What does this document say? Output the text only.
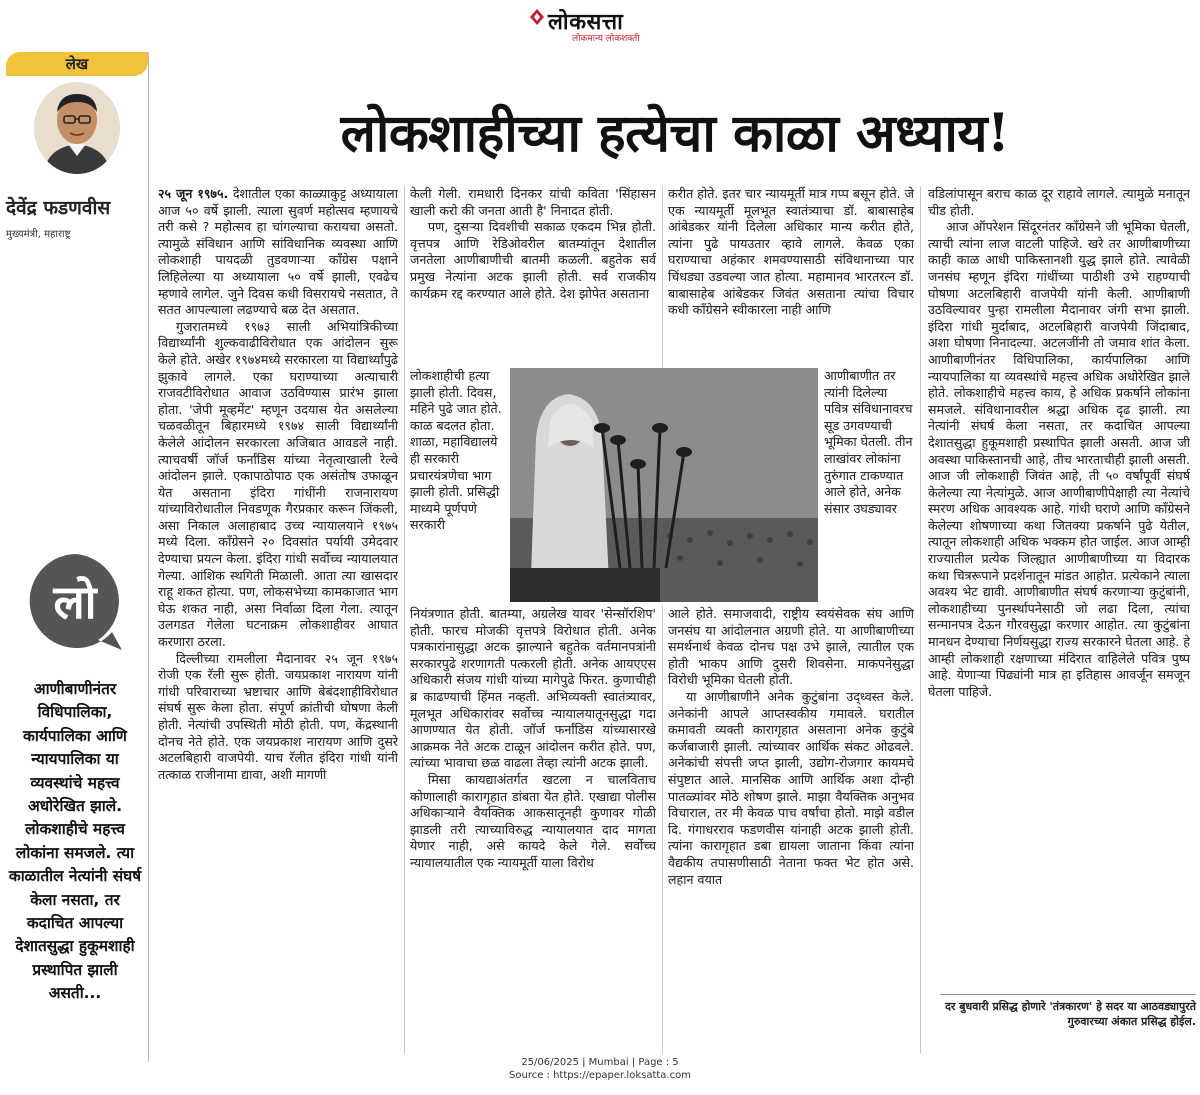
लोकसत्ता
लोकमान्य लोकशक्ती
लेख
देवेंद्र फडणवीस
मुख्यमंत्री, महाराष्ट्र
लो
आणीबाणीनंतर विधिपालिका, कार्यपालिका आणि न्यायपालिका या व्यवस्थांचे महत्त्व अधोरेखित झाले. लोकशाहीचे महत्त्व लोकांना समजले. त्या काळातील नेत्यांनी संघर्ष केला नसता, तर कदाचित आपल्या देशातसुद्धा हुकूमशाही प्रस्थापित झाली असती...
लोकशाहीच्या हत्येचा काळा अध्याय!

२५ जून १९७५. देशातील एका काळ्याकुट्ट अध्यायाला आज ५० वर्षे झाली. त्याला सुवर्ण महोत्सव म्हणायचे तरी कसे ? महोत्सव हा चांगल्याचा करायचा असतो. त्यामुळे संविधान आणि सांविधानिक व्यवस्था आणि लोकशाही पायदळी तुडवणाऱ्या काँग्रेस पक्षाने लिहिलेल्या या अध्यायाला ५० वर्षे झाली, एवढेच म्हणावे लागेल. जुने दिवस कधी विसरायचे नसतात, ते सतत आपल्याला लढण्याचे बळ देत असतात.

गुजरातमध्ये १९७३ साली अभियांत्रिकीच्या विद्यार्थ्यांनी शुल्कवाढीविरोधात एक आंदोलन सुरू केले होते. अखेर १९७४मध्ये सरकारला या विद्यार्थ्यांपुढे झुकावे लागले. एका घराण्याच्या अत्याचारी राजवटीविरोधात आवाज उठविण्यास प्रारंभ झाला होता. 'जेपी मूव्हमेंट' म्हणून उदयास येत असलेल्या चळवळीतून बिहारमध्ये १९७४ साली विद्यार्थ्यांनी केलेले आंदोलन सरकारला अजिबात आवडले नाही. त्याचवर्षी जॉर्ज फर्नांडिस यांच्या नेतृत्वाखाली रेल्वे आंदोलन झाले. एकापाठोपाठ एक असंतोष उफाळून येत असताना इंदिरा गांधींनी राजनारायण यांच्याविरोधातील निवडणूक गैरप्रकार करून जिंकली, असा निकाल अलाहाबाद उच्च न्यायालयाने १९७५ मध्ये दिला. काँग्रेसने २० दिवसांत पर्यायी उमेदवार देण्याचा प्रयत्न केला. इंदिरा गांधी सर्वोच्च न्यायालयात गेल्या. आंशिक स्थगिती मिळाली. आता त्या खासदार राहू शकत होत्या. पण, लोकसभेच्या कामकाजात भाग घेऊ शकत नाही, असा निर्वाळा दिला गेला. त्यातून उलगडत गेलेला घटनाक्रम लोकशाहीवर आघात करणारा ठरला.

दिल्लीच्या रामलीला मैदानावर २५ जून १९७५ रोजी एक रॅली सुरू होती. जयप्रकाश नारायण यांनी गांधी परिवाराच्या भ्रष्टाचार आणि बेबंदशाहीविरोधात संघर्ष सुरू केला होता. संपूर्ण क्रांतीची घोषणा केली होती. नेत्यांची उपस्थिती मोठी होती. पण, केंद्रस्थानी दोनच नेते होते. एक जयप्रकाश नारायण आणि दुसरे अटलबिहारी वाजपेयी. याच रॅलीत इंदिरा गांधी यांनी तत्काळ राजीनामा द्यावा, अशी मागणी

केली गेली. रामधारी दिनकर यांची कविता 'सिंहासन खाली करो की जनता आती है' निनादत होती.

पण, दुसऱ्या दिवशीची सकाळ एकदम भिन्न होती. वृत्तपत्र आणि रेडिओवरील बातम्यांतून देशातील जनतेला आणीबाणीची बातमी कळली. बहुतेक सर्व प्रमुख नेत्यांना अटक झाली होती. सर्व राजकीय कार्यक्रम रद्द करण्यात आले होते. देश झोपेत असताना

लोकशाहीची हत्या झाली होती. दिवस, महिने पुढे जात होते. काळ बदलत होता. शाळा, महाविद्यालये ही सरकारी प्रचारयंत्रणेचा भाग झाली होती. प्रसिद्धी माध्यमे पूर्णपणे सरकारी

नियंत्रणात होती. बातम्या, अग्रलेख यावर 'सेन्सॉरशिप' होती. फारच मोजकी वृत्तपत्रे विरोधात होती. अनेक पत्रकारांनासुद्धा अटक झाल्याने बहुतेक वर्तमानपत्रांनी सरकारपुढे शरणागती पत्करली होती. अनेक आयएएस अधिकारी संजय गांधी यांच्या मागेपुढे फिरत. कुणाचीही ब्र काढण्याची हिंमत नव्हती. अभिव्यक्ती स्वातंत्र्यावर, मूलभूत अधिकारांवर सर्वोच्च न्यायालयातूनसुद्धा गदा आणण्यात येत होती. जॉर्ज फर्नांडिस यांच्यासारखे आक्रमक नेते अटक टाळून आंदोलन करीत होते. पण, त्यांच्या भावाचा छळ वाढला तेव्हा त्यांनी अटक झाली.

मिसा कायद्याअंतर्गत खटला न चालविताच कोणालाही कारागृहात डांबता येत होते. एखाद्या पोलीस अधिकाऱ्याने वैयक्तिक आकसातूनही कुणावर गोळी झाडली तरी त्याच्याविरुद्ध न्यायालयात दाद मागता येणार नाही, असे कायदे केले गेले. सर्वोच्च न्यायालयातील एक न्यायमूर्ती याला विरोध

करीत होते. इतर चार न्यायमूर्ती मात्र गप्प बसून होते. जे एक न्यायमूर्ती मूलभूत स्वातंत्र्याचा डॉ. बाबासाहेब आंबेडकर यांनी दिलेला अधिकार मान्य करीत होते, त्यांना पुढे पायउतार व्हावे लागले. केवळ एका घराण्याचा अहंकार शमवण्यासाठी संविधानाच्या पार चिंधड्या उडवल्या जात होत्या. महामानव भारतरत्न डॉ. बाबासाहेब आंबेडकर जिवंत असताना त्यांचा विचार कधी काँग्रेसने स्वीकारला नाही आणि

आणीबाणीत तर त्यांनी दिलेल्या पवित्र संविधानावरच सूड उगवण्याची भूमिका घेतली. तीन लाखांवर लोकांना तुरुंगात टाकण्यात आले होते, अनेक संसार उघड्यावर

आले होते. समाजवादी, राष्ट्रीय स्वयंसेवक संघ आणि जनसंघ या आंदोलनात अग्रणी होते. या आणीबाणीच्या समर्थनार्थ केवळ दोनच पक्ष उभे झाले, त्यातील एक होती भाकप आणि दुसरी शिवसेना. माकपनेसुद्धा विरोधी भूमिका घेतली होती.

या आणीबाणीने अनेक कुटुंबांना उद्ध्वस्त केले. अनेकांनी आपले आप्तस्वकीय गमावले. घरातील कमावती व्यक्ती कारागृहात असताना अनेक कुटुंबे कर्जबाजारी झाली. त्यांच्यावर आर्थिक संकट ओढवले. अनेकांची संपत्ती जप्त झाली, उद्योग-रोजगार कायमचे संपुष्टात आले. मानसिक आणि आर्थिक अशा दोन्ही पातळ्यांवर मोठे शोषण झाले. माझा वैयक्तिक अनुभव विचाराल, तर मी केवळ पाच वर्षांचा होतो. माझे वडील दि. गंगाधरराव फडणवीस यांनाही अटक झाली होती. त्यांना कारागृहात डबा द्यायला जाताना किंवा त्यांना वैद्यकीय तपासणीसाठी नेताना फक्त भेट होत असे. लहान वयात

वडिलांपासून बराच काळ दूर राहावे लागले. त्यामुळे मनातून चीड होती.

आज ऑपरेशन सिंदूरनंतर काँग्रेसने जी भूमिका घेतली, त्याची त्यांना लाज वाटली पाहिजे. खरे तर आणीबाणीच्या काही काळ आधी पाकिस्तानशी युद्ध झाले होते. त्यावेळी जनसंघ म्हणून इंदिरा गांधींच्या पाठीशी उभे राहण्याची घोषणा अटलबिहारी वाजपेयी यांनी केली. आणीबाणी उठविल्यावर पुन्हा रामलीला मैदानावर जंगी सभा झाली. इंदिरा गांधी मुर्दाबाद, अटलबिहारी वाजपेयी जिंदाबाद, अशा घोषणा निनादल्या. अटलजींनी तो जमाव शांत केला. आणीबाणीनंतर विधिपालिका, कार्यपालिका आणि न्यायपालिका या व्यवस्थांचे महत्त्व अधिक अधोरेखित झाले होते. लोकशाहीचे महत्त्व काय, हे अधिक प्रकर्षाने लोकांना समजले. संविधानावरील श्रद्धा अधिक दृढ झाली. त्या नेत्यांनी संघर्ष केला नसता, तर कदाचित आपल्या देशातसुद्धा हुकूमशाही प्रस्थापित झाली असती. आज जी अवस्था पाकिस्तानची आहे, तीच भारताचीही झाली असती. आज जी लोकशाही जिवंत आहे, ती ५० वर्षांपूर्वी संघर्ष केलेल्या त्या नेत्यांमुळे. आज आणीबाणीपेक्षाही त्या नेत्यांचे स्मरण अधिक आवश्यक आहे. गांधी घराणे आणि काँग्रेसने केलेल्या शोषणाच्या कथा जितक्या प्रकर्षाने पुढे येतील, त्यातून लोकशाही अधिक भक्कम होत जाईल. आज आम्ही राज्यातील प्रत्येक जिल्ह्यात आणीबाणीच्या या विदारक कथा चित्ररूपाने प्रदर्शनातून मांडत आहोत. प्रत्येकाने त्याला अवश्य भेट द्यावी. आणीबाणीत संघर्ष करणाऱ्या कुटुंबांनी, लोकशाहीच्या पुनर्स्थापनेसाठी जो लढा दिला, त्यांचा सन्मानपत्र देऊन गौरवसुद्धा करणार आहोत. त्या कुटुंबांना मानधन देण्याचा निर्णयसुद्धा राज्य सरकारने घेतला आहे. हे आम्ही लोकशाही रक्षणाच्या मंदिरात वाहिलेले पवित्र पुष्प आहे. येणाऱ्या पिढ्यांनी मात्र हा इतिहास आवर्जून समजून घेतला पाहिजे.

दर बुधवारी प्रसिद्ध होणारे 'तंत्रकारण' हे सदर या आठवड्यापुरते गुरुवारच्या अंकात प्रसिद्ध होईल.
25/06/2025 | Mumbai | Page : 5
Source : https://epaper.loksatta.com
